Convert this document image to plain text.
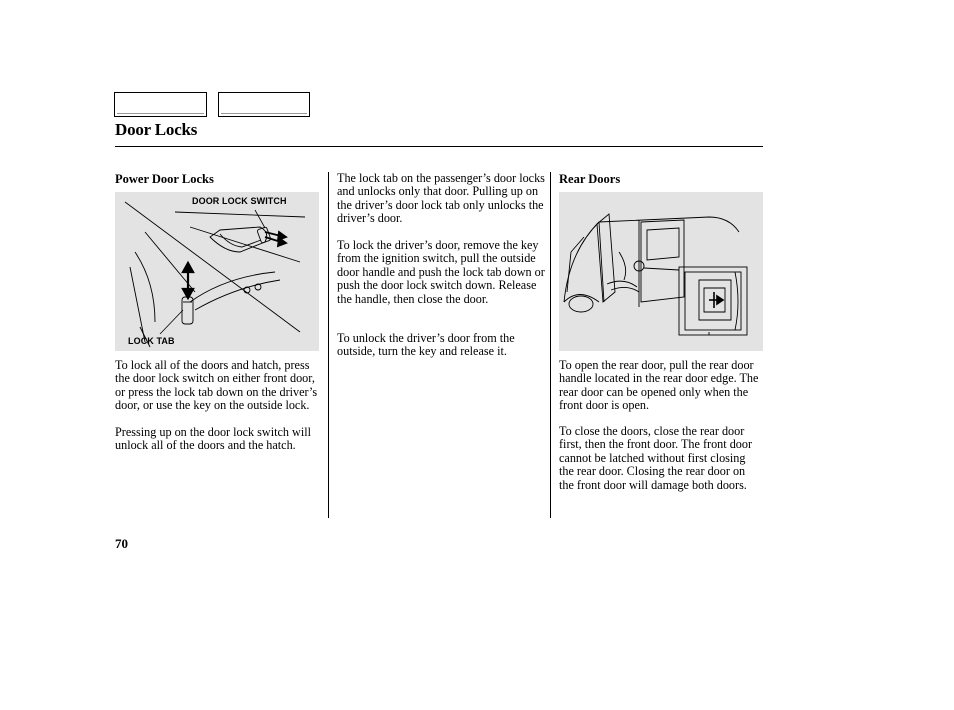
Door Locks
Power Door Locks
DOOR LOCK SWITCH
LOCK TAB

To lock all of the doors and hatch, press the door lock switch on either front door, or press the lock tab down on the driver’s door, or use the key on the outside lock.

Pressing up on the door lock switch will unlock all of the doors and the hatch.

The lock tab on the passenger’s door locks and unlocks only that door. Pulling up on the driver’s door lock tab only unlocks the driver’s door.

To lock the driver’s door, remove the key from the ignition switch, pull the outside door handle and push the lock tab down or push the door lock switch down. Release the handle, then close the door.

To unlock the driver’s door from the outside, turn the key and release it.

Rear Doors

To open the rear door, pull the rear door handle located in the rear door edge. The rear door can be opened only when the front door is open.

To close the doors, close the rear door first, then the front door. The front door cannot be latched without first closing the rear door. Closing the rear door on the front door will damage both doors.

70
